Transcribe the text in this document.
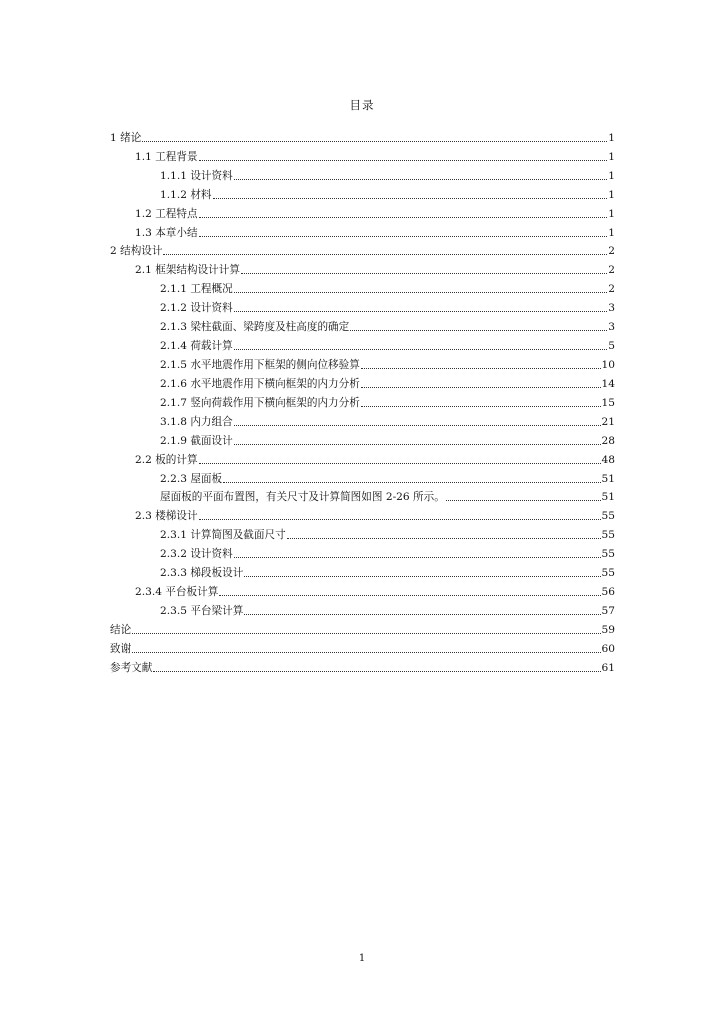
目录
1 绪论	1
1.1 工程背景	1
1.1.1 设计资料	1
1.1.2 材料	1
1.2 工程特点	1
1.3 本章小结	1
2 结构设计	2
2.1 框架结构设计计算	2
2.1.1 工程概况	2
2.1.2 设计资料	3
2.1.3 梁柱截面、梁跨度及柱高度的确定	3
2.1.4 荷载计算	5
2.1.5 水平地震作用下框架的侧向位移验算	10
2.1.6 水平地震作用下横向框架的内力分析	14
2.1.7 竖向荷载作用下横向框架的内力分析	15
3.1.8 内力组合	21
2.1.9 截面设计	28
2.2 板的计算	48
2.2.3 屋面板	51
屋面板的平面布置图，有关尺寸及计算简图如图 2-26 所示。	51
2.3 楼梯设计	55
2.3.1 计算简图及截面尺寸	55
2.3.2 设计资料	55
2.3.3 梯段板设计	55
2.3.4 平台板计算	56
2.3.5 平台梁计算	57
结论	59
致谢	60
参考文献	61
1
